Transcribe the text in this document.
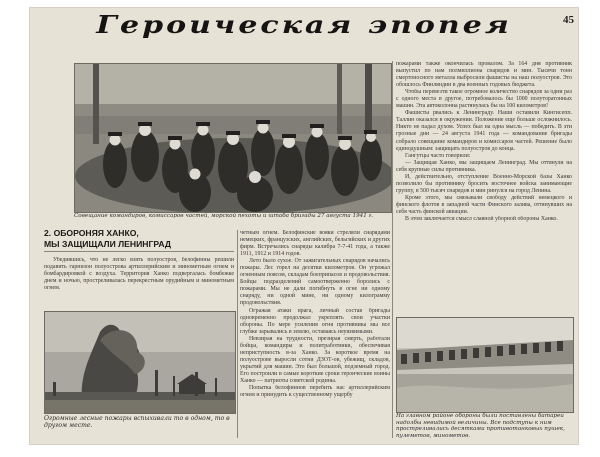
45
Героическая эпопея

Совещание командиров, комиссаров частей, морской пехоты и штаба бригады 27 августа 1941 г.

пожарами также окончилась провалом. За 164 дня противник выпустил по нам полмиллиона снарядов и мин. Тысячи тонн смертоносного металла выбросили фашисты на наш полуостров. Это обошлось Финляндии в два военных годовых бюджета.

Чтобы перевезти такое огромное количество снарядов за одни раз с одного места в другое, потребовалось бы 1000 полуторатонных машин. Эта автоколонна растянулась бы на 100 километров!

Фашисты рвались к Ленинграду. Наши оставили Кингисепп. Таллин оказался в окружении. Положение еще больше осложнилось. Никто не падал духом. Успех был на одна мысль — победить. В эти грозные дни — 24 августа 1941 года — командование бригады собрало совещание командиров и комиссаров частей. Решение было единодушным: защищать полуостров до конца.

Гангутцы часто говорили:

— Защищая Ханко, мы защищаем Ленинград. Мы оттянули на себя крупные силы противника.

И, действительно, отступление Военно-Морской базы Ханко позволило бы противнику бросить восточнее войска занимающие группу, в 500 тысяч снарядов и мин ринулся на город Ленина.

Кроме этого, мы связывали свободу действий немецкого и финского флотов в западной части Финского залива, оттянувших на себя часть финской авиации.

В этом заключается смысл славной уборной обороны Ханко.

2. ОБОРОНЯЯ ХАНКО,

МЫ ЗАЩИЩАЛИ ЛЕНИНГРАД

Убедившись, что не легко взять полуостров, белофинны решили подавить гарнизон полуострова артиллерийским и минометным огнем и бомбардировкой с воздуха. Территория Ханко подвергалась бомбежке днем и ночью, простреливалась перекрестным орудийным и минометным огнем.

четным огнем. Белофинские вояки стреляли снарядами немецких, французских, английских, бельгийских и других фирм. Встречались снаряды калибра 7-7-41 года, а также 1911, 1912 и 1914 годов.

Лето было сухое. От зажигательных снарядов начались пожары. Лес горел на десятки километров. Он угрожал огненным поясом, складам боеприпасов и продовольствия. Бойцы подразделений самоотверженно боролись с пожарами. Мы не дали погибнуть в огне ни одному снаряду, ни одной мине, ни одному килограмму продовольствия.

Огражая атаки врага, личный состав бригады одновременно продолжал укреплять свои участки обороны. По мере усиления огня противника мы все глубже зарывались в землю, оставаясь неуязвимыми.

Невзирая на трудности, презирая смерть, работали бойцы, командиры и политработники, обеспечивая неприступность в-за Ханко. За короткое время на полуострове выросли сотни ДЗОТ-ов, убежищ, складов, укрытий для машин. Это был большой, подземный город. Его построили в самые короткие сроки героические воины Ханко — патриоты советской родины.

Попытка белофиннов перебить нас артиллерийским огнем и принудить к существенному ущербу

Огромные лесные пожары вспыхивали то в одном, то в другом месте.

На главном районе обороны были поставлены батареи надолбы невидимой величины. Все подступы к ним простреливались десятками противотанковых пушек, пулеметов, минометов.
